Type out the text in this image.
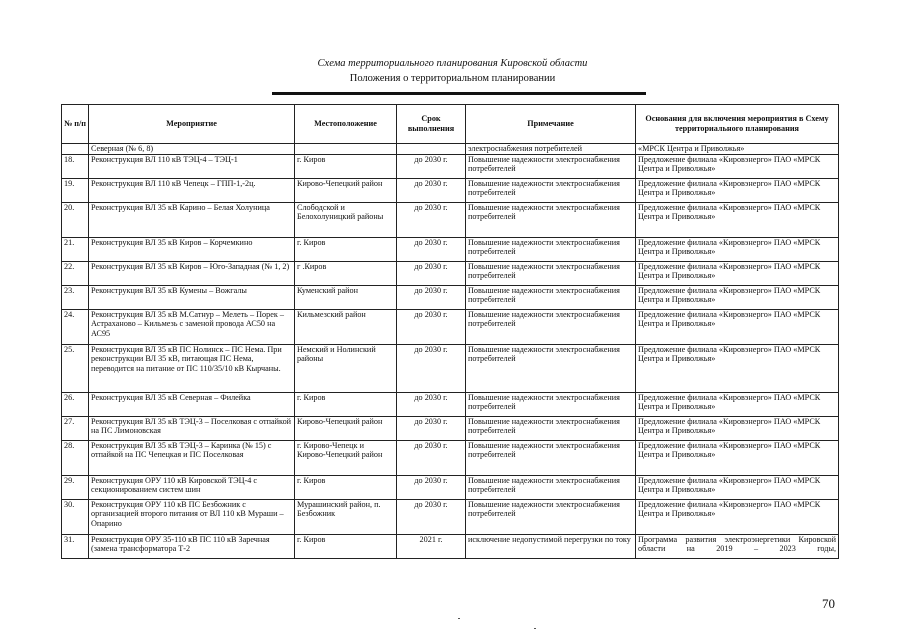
Схема территориального планирования Кировской области
Положения о территориальном планировании
№ п/п	Мероприятие	Местоположение	Срок выполнения	Примечание	Основания для включения мероприятия в Схему территориального планирования
	Северная (№ 6, 8)			электроснабжения потребителей	«МРСК Центра и Приволжья»
18.	Реконструкция ВЛ 110 кВ ТЭЦ-4 – ТЭЦ-1	г. Киров	до 2030 г.	Повышение надежности электроснабжения потребителей	Предложение филиала «Кировэнерго» ПАО «МРСК Центра и Приволжья»
19.	Реконструкция ВЛ 110 кВ Чепецк – ГПП-1,-2ц.	Кирово-Чепецкий район	до 2030 г.	Повышение надежности электроснабжения потребителей	Предложение филиала «Кировэнерго» ПАО «МРСК Центра и Приволжья»
20.	Реконструкция ВЛ 35 кВ Карино – Белая Холуница	Слободской и Белохолуницкий районы	до 2030 г.	Повышение надежности электроснабжения потребителей	Предложение филиала «Кировэнерго» ПАО «МРСК Центра и Приволжья»
21.	Реконструкция ВЛ 35 кВ Киров – Корчемкино	г. Киров	до 2030 г.	Повышение надежности электроснабжения потребителей	Предложение филиала «Кировэнерго» ПАО «МРСК Центра и Приволжья»
22.	Реконструкция ВЛ 35 кВ Киров – Юго-Западная (№ 1, 2)	г .Киров	до 2030 г.	Повышение надежности электроснабжения потребителей	Предложение филиала «Кировэнерго» ПАО «МРСК Центра и Приволжья»
23.	Реконструкция ВЛ 35 кВ Кумены – Вожгалы	Куменский район	до 2030 г.	Повышение надежности электроснабжения потребителей	Предложение филиала «Кировэнерго» ПАО «МРСК Центра и Приволжья»
24.	Реконструкция ВЛ 35 кВ М.Сатнур – Мелеть – Порек – Астраханово – Кильмезь с заменой провода АС50 на АС95	Кильмезский район	до 2030 г.	Повышение надежности электроснабжения потребителей	Предложение филиала «Кировэнерго» ПАО «МРСК Центра и Приволжья»
25.	Реконструкция ВЛ 35 кВ ПС Нолинск – ПС Нема. При реконструкции ВЛ 35 кВ, питающая ПС Нема, переводится на питание от ПС 110/35/10 кВ Кырчаны.	Немский и Нолинский районы	до 2030 г.	Повышение надежности электроснабжения потребителей	Предложение филиала «Кировэнерго» ПАО «МРСК Центра и Приволжья»
26.	Реконструкция ВЛ 35 кВ Северная – Филейка	г. Киров	до 2030 г.	Повышение надежности электроснабжения потребителей	Предложение филиала «Кировэнерго» ПАО «МРСК Центра и Приволжья»
27.	Реконструкция ВЛ 35 кВ ТЭЦ-3 – Поселковая с отпайкой на ПС Лимоновская	Кирово-Чепецкий район	до 2030 г.	Повышение надежности электроснабжения потребителей	Предложение филиала «Кировэнерго» ПАО «МРСК Центра и Приволжья»
28.	Реконструкция ВЛ 35 кВ ТЭЦ-3 – Каринка (№ 15) с отпайкой на ПС Чепецкая и ПС Поселковая	г. Кирово-Чепецк и Кирово-Чепецкий район	до 2030 г.	Повышение надежности электроснабжения потребителей	Предложение филиала «Кировэнерго» ПАО «МРСК Центра и Приволжья»
29.	Реконструкция ОРУ 110 кВ Кировской ТЭЦ-4 с секционированием систем шин	г. Киров	до 2030 г.	Повышение надежности электроснабжения потребителей	Предложение филиала «Кировэнерго» ПАО «МРСК Центра и Приволжья»
30.	Реконструкция ОРУ 110 кВ ПС Безбожник с организацией второго питания от ВЛ 110 кВ Мураши – Опарино	Мурашинский район, п. Безбожник	до 2030 г.	Повышение надежности электроснабжения потребителей	Предложение филиала «Кировэнерго» ПАО «МРСК Центра и Приволжья»
31.	Реконструкция ОРУ 35-110 кВ ПС 110 кВ Заречная (замена трансформатора Т-2	г. Киров	2021 г.	исключение недопустимой перегрузки по току	Программа развития электроэнергетики Кировской области на 2019 – 2023 годы,
70
